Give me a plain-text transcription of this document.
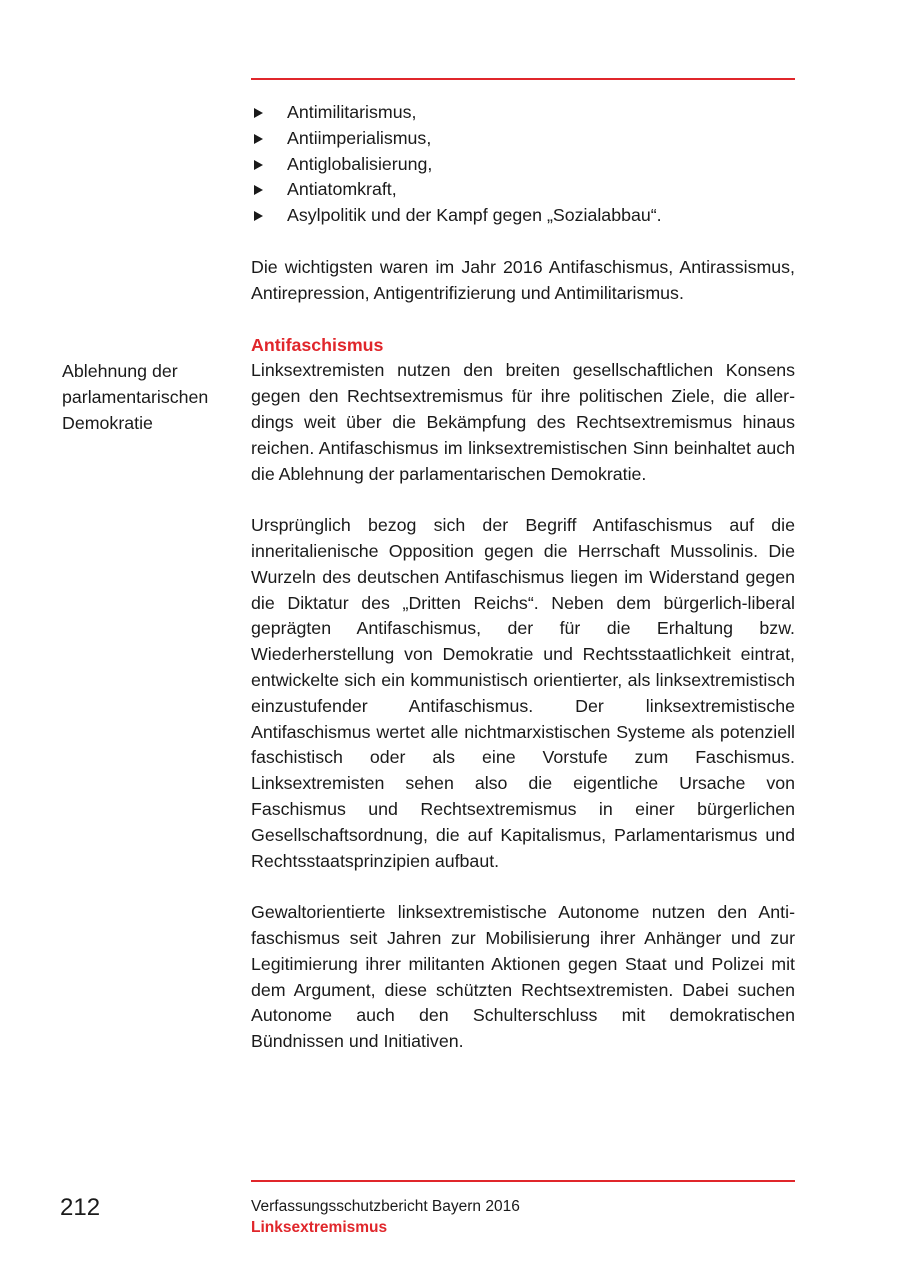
Antimilitarismus,
Antiimperialismus,
Antiglobalisierung,
Antiatomkraft,
Asylpolitik und der Kampf gegen „Sozialabbau“.

Die wichtigsten waren im Jahr 2016 Antifaschismus, Antirassismus, Antirepression, Antigentrifizierung und Antimilitarismus.

Antifaschismus

Linksextremisten nutzen den breiten gesellschaftlichen Konsens gegen den Rechtsextremismus für ihre politischen Ziele, die allerdings weit über die Bekämpfung des Rechtsextremismus hinaus reichen. Antifaschismus im linksextremistischen Sinn beinhaltet auch die Ablehnung der parlamentarischen Demokratie.

Ursprünglich bezog sich der Begriff Antifaschismus auf die inneritalienische Opposition gegen die Herrschaft Mussolinis. Die Wurzeln des deutschen Antifaschismus liegen im Widerstand gegen die Diktatur des „Dritten Reichs“. Neben dem bürgerlich-liberal geprägten Antifaschismus, der für die Erhaltung bzw. Wiederherstellung von Demokratie und Rechtsstaatlichkeit eintrat, entwickelte sich ein kommunistisch orientierter, als linksextremistisch einzustufender Antifaschismus. Der linksextremistische Antifaschismus wertet alle nichtmarxistischen Systeme als potenziell faschistisch oder als eine Vorstufe zum Faschismus. Linksextremisten sehen also die eigentliche Ursache von Faschismus und Rechtsextremismus in einer bürgerlichen Gesellschaftsordnung, die auf Kapitalismus, Parlamentarismus und Rechtsstaatsprinzipien aufbaut.

Gewaltorientierte linksextremistische Autonome nutzen den Antifaschismus seit Jahren zur Mobilisierung ihrer Anhänger und zur Legitimierung ihrer militanten Aktionen gegen Staat und Polizei mit dem Argument, diese schützten Rechtsextremisten. Dabei suchen Autonome auch den Schulterschluss mit demokratischen Bündnissen und Initiativen.

Ablehnung der
parlamentarischen
Demokratie
212	Verfassungsschutzbericht Bayern 2016
Linksextremismus
